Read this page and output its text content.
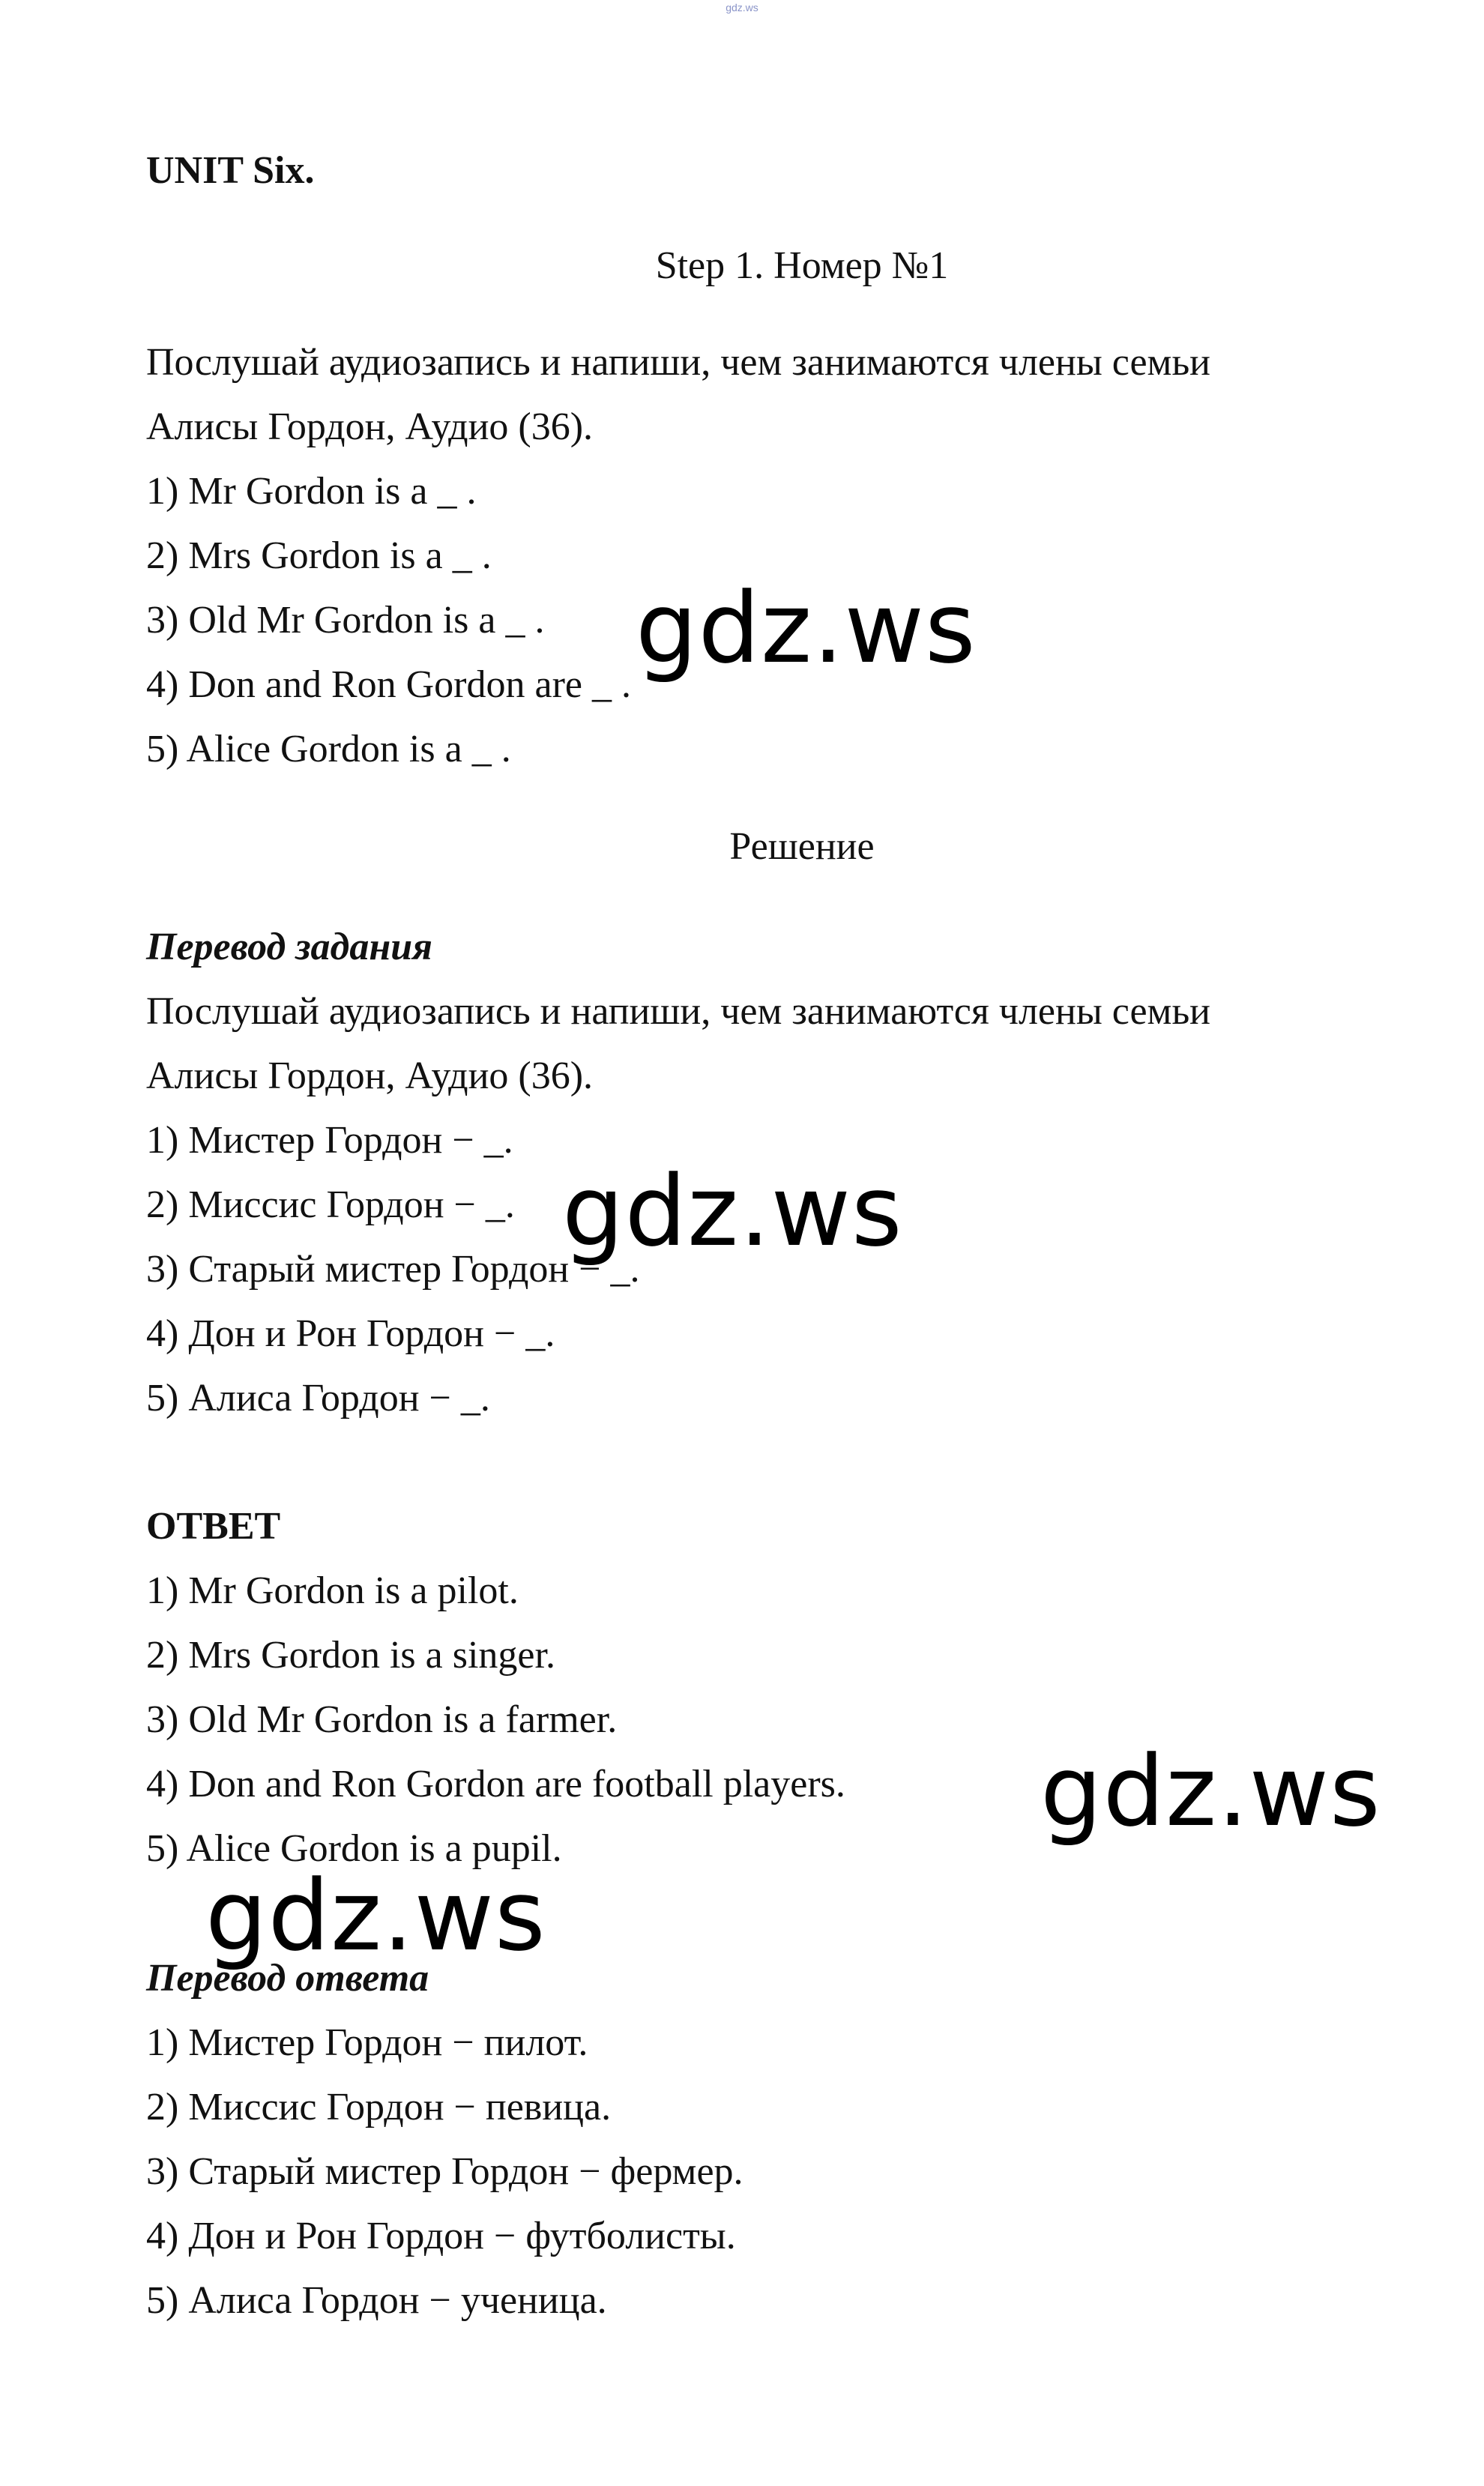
gdz.ws
UNIT Six.
Step 1. Номер №1
Послушай аудиозапись и напиши, чем занимаются члены семьи
Алисы Гордон, Аудио (36).
1) Mr Gordon is a _ .
2) Mrs Gordon is a _ .
3) Old Mr Gordon is a _ .
4) Don and Ron Gordon are _ .
5) Alice Gordon is a _ .
Решение
Перевод задания
Послушай аудиозапись и напиши, чем занимаются члены семьи
Алисы Гордон, Аудио (36).
1) Мистер Гордон − _.
2) Миссис Гордон − _.
3) Старый мистер Гордон − _.
4) Дон и Рон Гордон − _.
5) Алиса Гордон − _.
ОТВЕТ
1) Mr Gordon is a pilot.
2) Mrs Gordon is a singer.
3) Old Mr Gordon is a farmer.
4) Don and Ron Gordon are football players.
5) Alice Gordon is a pupil.
Перевод ответа
1) Мистер Гордон − пилот.
2) Миссис Гордон − певица.
3) Старый мистер Гордон − фермер.
4) Дон и Рон Гордон − футболисты.
5) Алиса Гордон − ученица.
gdz.ws
gdz.ws
gdz.ws
gdz.ws
